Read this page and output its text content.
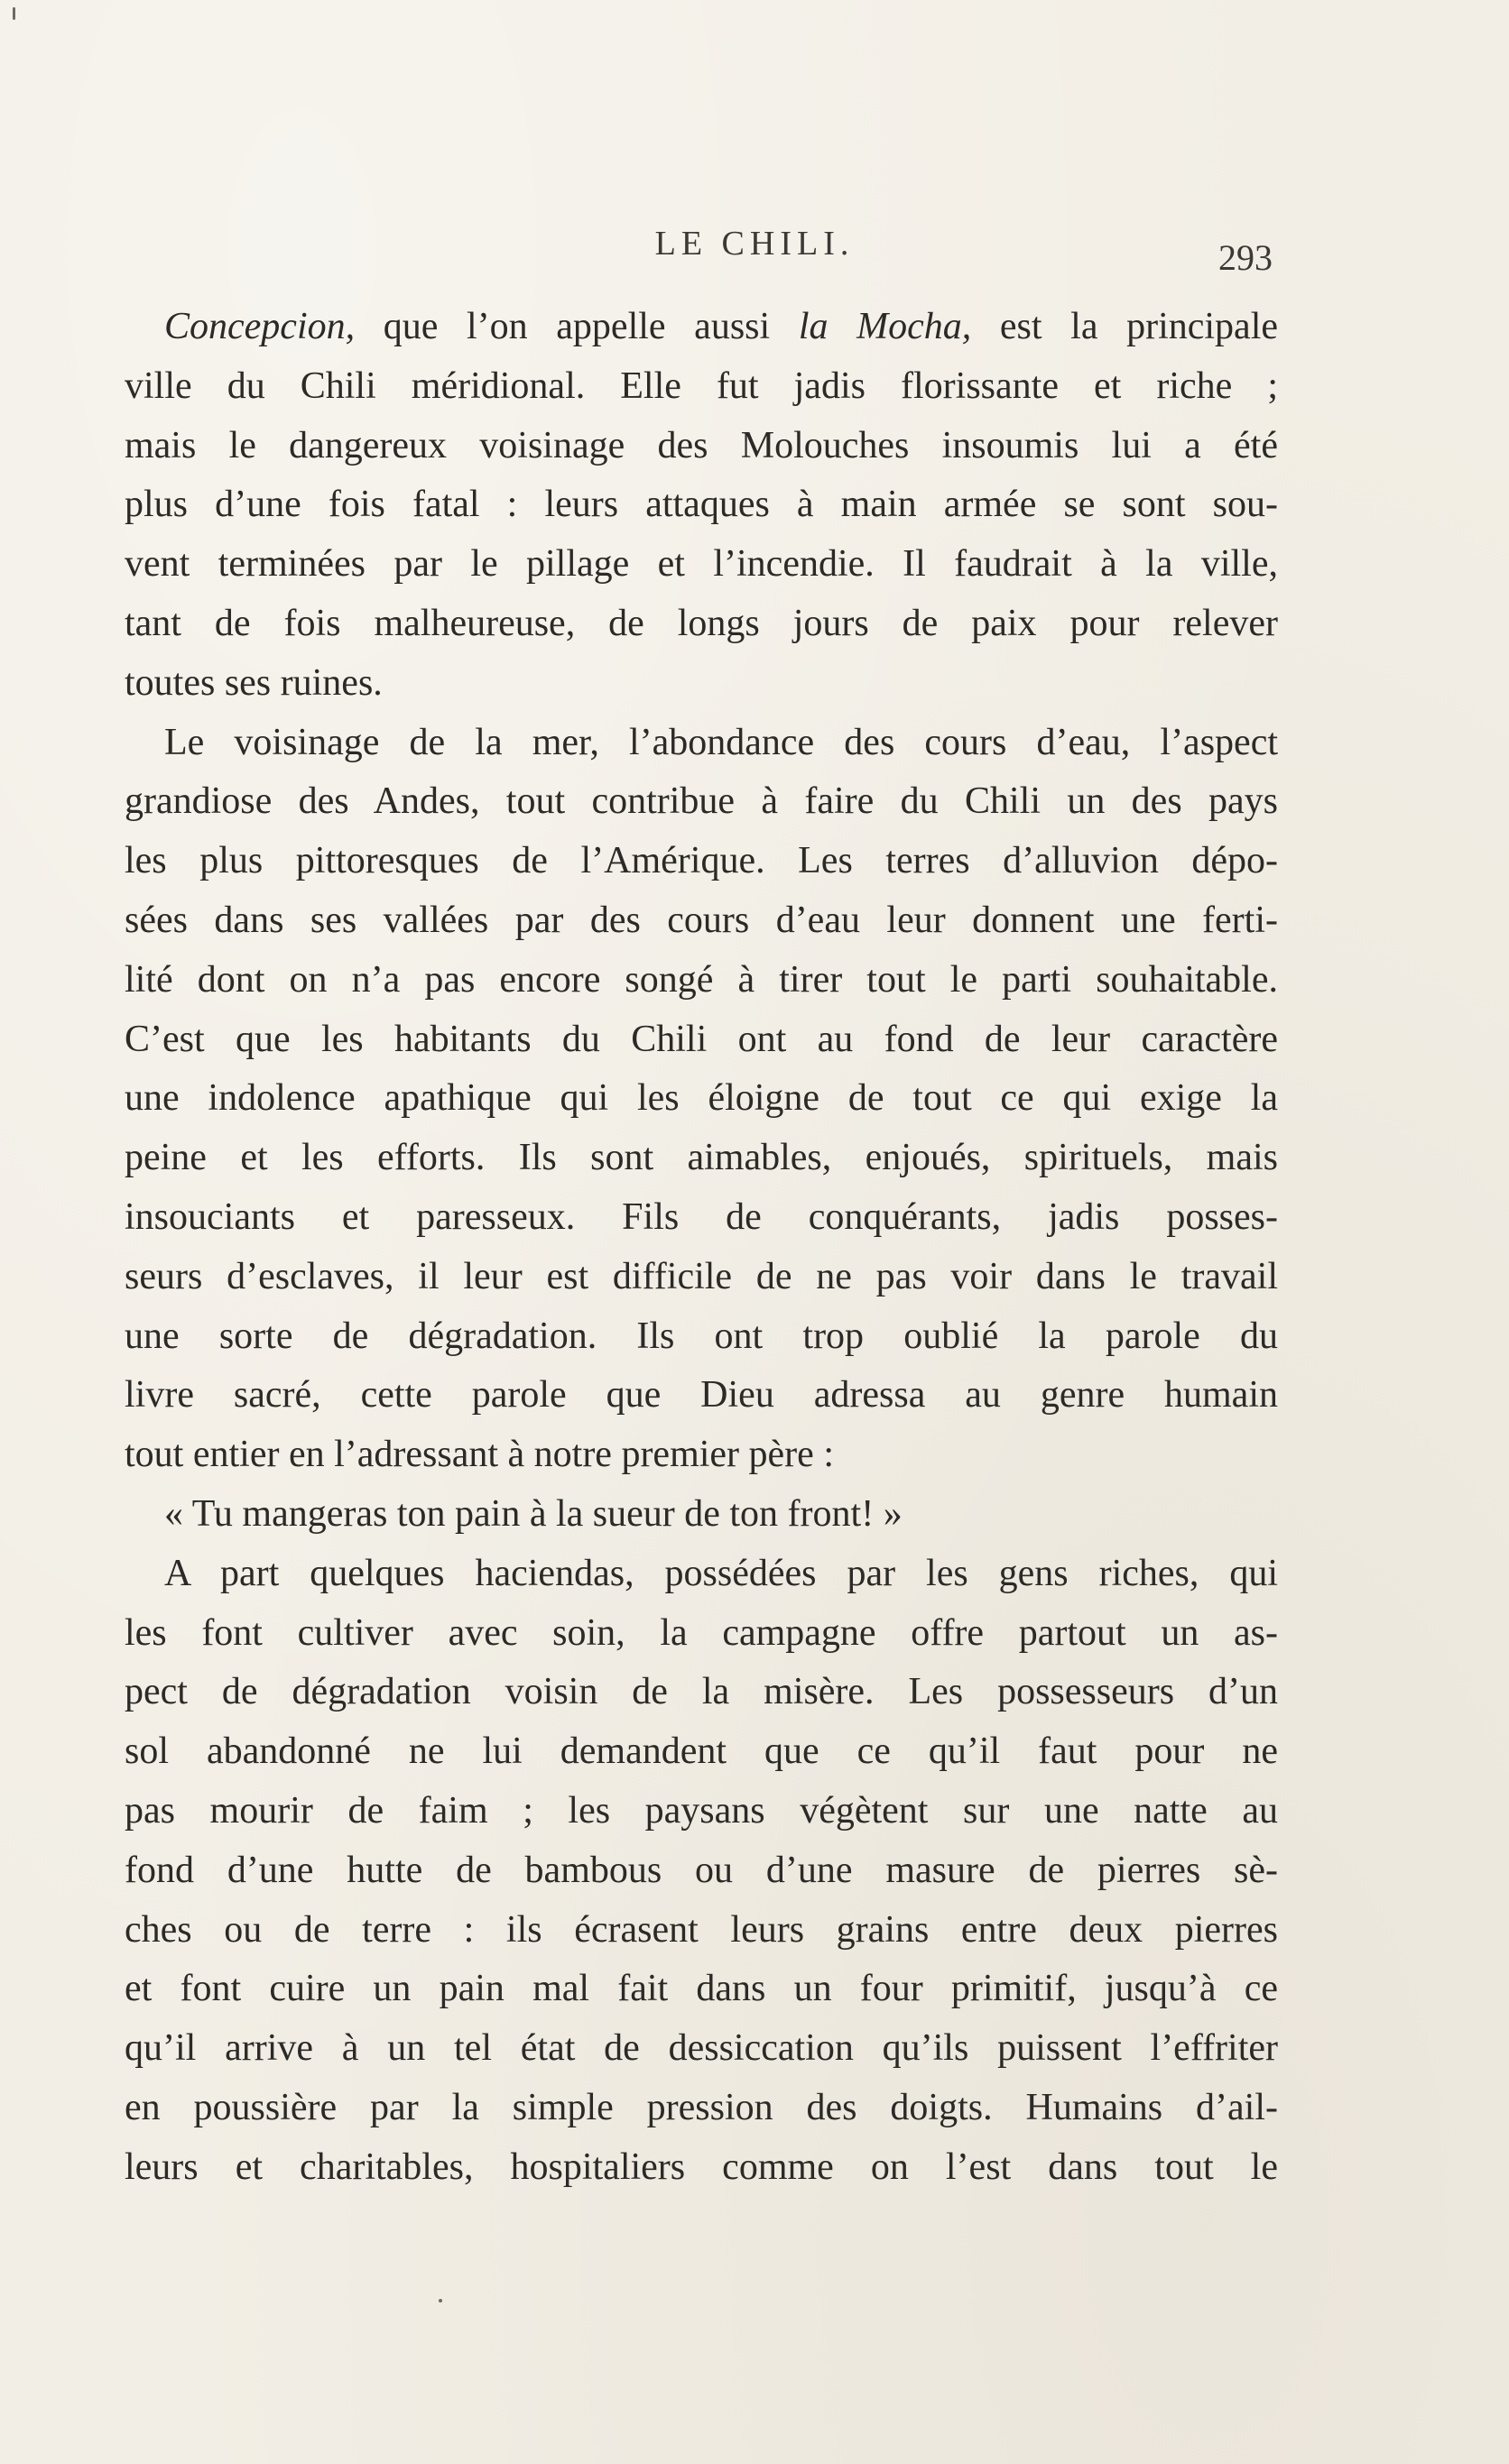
LE CHILI.	293
Concepcion, que l’on appelle aussi la Mocha, est la principale
ville du Chili méridional. Elle fut jadis florissante et riche ;
mais le dangereux voisinage des Molouches insoumis lui a été
plus d’une fois fatal : leurs attaques à main armée se sont sou-
vent terminées par le pillage et l’incendie. Il faudrait à la ville,
tant de fois malheureuse, de longs jours de paix pour relever
toutes ses ruines.
Le voisinage de la mer, l’abondance des cours d’eau, l’aspect
grandiose des Andes, tout contribue à faire du Chili un des pays
les plus pittoresques de l’Amérique. Les terres d’alluvion dépo-
sées dans ses vallées par des cours d’eau leur donnent une ferti-
lité dont on n’a pas encore songé à tirer tout le parti souhaitable.
C’est que les habitants du Chili ont au fond de leur caractère
une indolence apathique qui les éloigne de tout ce qui exige la
peine et les efforts. Ils sont aimables, enjoués, spirituels, mais
insouciants et paresseux. Fils de conquérants, jadis posses-
seurs d’esclaves, il leur est difficile de ne pas voir dans le travail
une sorte de dégradation. Ils ont trop oublié la parole du
livre sacré, cette parole que Dieu adressa au genre humain
tout entier en l’adressant à notre premier père :
« Tu mangeras ton pain à la sueur de ton front! »
A part quelques haciendas, possédées par les gens riches, qui
les font cultiver avec soin, la campagne offre partout un as-
pect de dégradation voisin de la misère. Les possesseurs d’un
sol abandonné ne lui demandent que ce qu’il faut pour ne
pas mourir de faim ; les paysans végètent sur une natte au
fond d’une hutte de bambous ou d’une masure de pierres sè-
ches ou de terre : ils écrasent leurs grains entre deux pierres
et font cuire un pain mal fait dans un four primitif, jusqu’à ce
qu’il arrive à un tel état de dessiccation qu’ils puissent l’effriter
en poussière par la simple pression des doigts. Humains d’ail-
leurs et charitables, hospitaliers comme on l’est dans tout le
